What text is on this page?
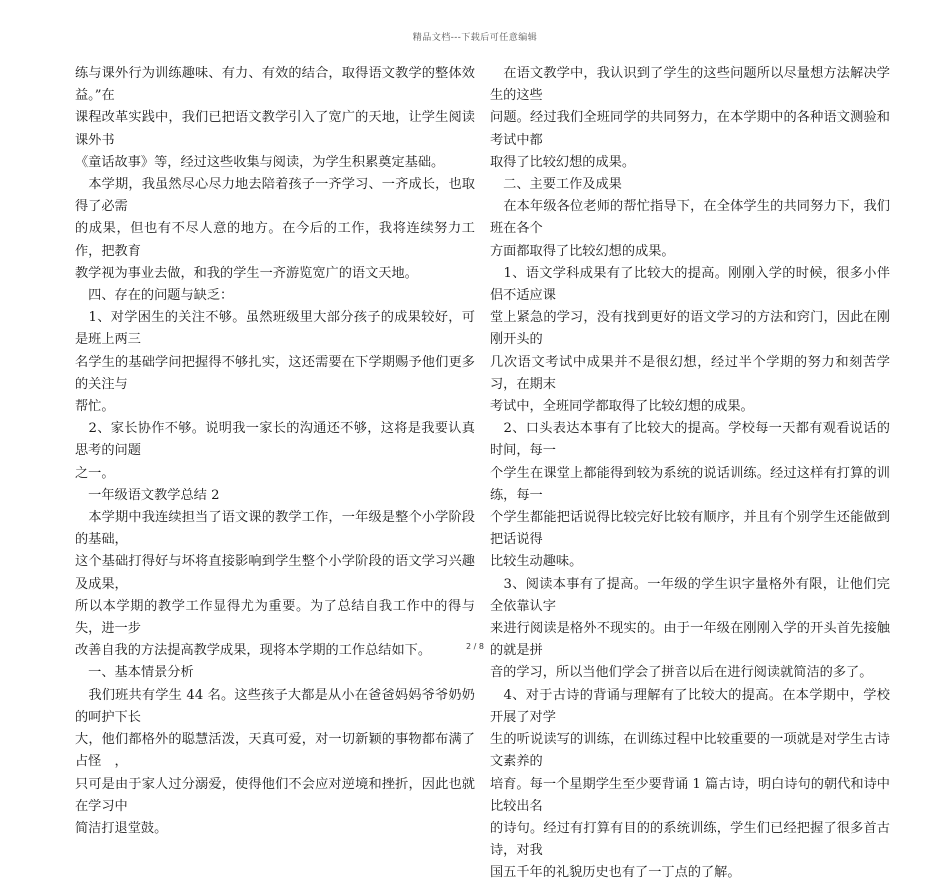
精品文档---下载后可任意编辑

练与课外行为训练趣味、有力、有效的结合，取得语文教学的整体效益。”在

课程改革实践中，我们已把语文教学引入了宽广的天地，让学生阅读课外书

《童话故事》等，经过这些收集与阅读，为学生积累奠定基础。

　本学期，我虽然尽心尽力地去陪着孩子一齐学习、一齐成长，也取得了必需

的成果，但也有不尽人意的地方。在今后的工作，我将连续努力工作，把教育

教学视为事业去做，和我的学生一齐游览宽广的语文天地。

　四、存在的问题与缺乏：

　1、对学困生的关注不够。虽然班级里大部分孩子的成果较好，可是班上两三

名学生的基础学问把握得不够扎实，这还需要在下学期赐予他们更多的关注与

帮忙。

　2、家长协作不够。说明我一家长的沟通还不够，这将是我要认真思考的问题

之一。

　一年级语文教学总结 2

　本学期中我连续担当了语文课的教学工作，一年级是整个小学阶段的基础，

这个基础打得好与坏将直接影响到学生整个小学阶段的语文学习兴趣及成果，

所以本学期的教学工作显得尤为重要。为了总结自我工作中的得与失，进一步

改善自我的方法提高教学成果，现将本学期的工作总结如下。

　一、基本情景分析

　我们班共有学生 44 名。这些孩子大都是从小在爸爸妈妈爷爷奶奶的呵护下长

大，他们都格外的聪慧活泼，天真可爱，对一切新颖的事物都布满了占怪　，

只可是由于家人过分溺爱，使得他们不会应对逆境和挫折，因此也就在学习中

简洁打退堂鼓。

　在语文教学中，我认识到了学生的这些问题所以尽量想方法解决学生的这些

问题。经过我们全班同学的共同努力，在本学期中的各种语文测验和考试中都

取得了比较幻想的成果。

　二、主要工作及成果

　在本年级各位老师的帮忙指导下，在全体学生的共同努力下，我们班在各个

方面都取得了比较幻想的成果。

　1、语文学科成果有了比较大的提高。刚刚入学的时候，很多小伴侣不适应课

堂上紧急的学习，没有找到更好的语文学习的方法和窍门，因此在刚刚开头的

几次语文考试中成果并不是很幻想，经过半个学期的努力和刻苦学习，在期末

考试中，全班同学都取得了比较幻想的成果。

　2、口头表达本事有了比较大的提高。学校每一天都有观看说话的时间，每一

个学生在课堂上都能得到较为系统的说话训练。经过这样有打算的训练，每一

个学生都能把话说得比较完好比较有顺序，并且有个别学生还能做到把话说得

比较生动趣味。

　3、阅读本事有了提高。一年级的学生识字量格外有限，让他们完全依靠认字

来进行阅读是格外不现实的。由于一年级在刚刚入学的开头首先接触的就是拼

音的学习，所以当他们学会了拼音以后在进行阅读就简洁的多了。

　4、对于古诗的背诵与理解有了比较大的提高。在本学期中，学校开展了对学

生的听说读写的训练，在训练过程中比较重要的一项就是对学生古诗文素养的

培育。每一个星期学生至少要背诵 1 篇古诗，明白诗句的朝代和诗中比较出名

的诗句。经过有打算有目的的系统训练，学生们已经把握了很多首古诗，对我

国五千年的礼貌历史也有了一丁点的了解。

2 / 8
